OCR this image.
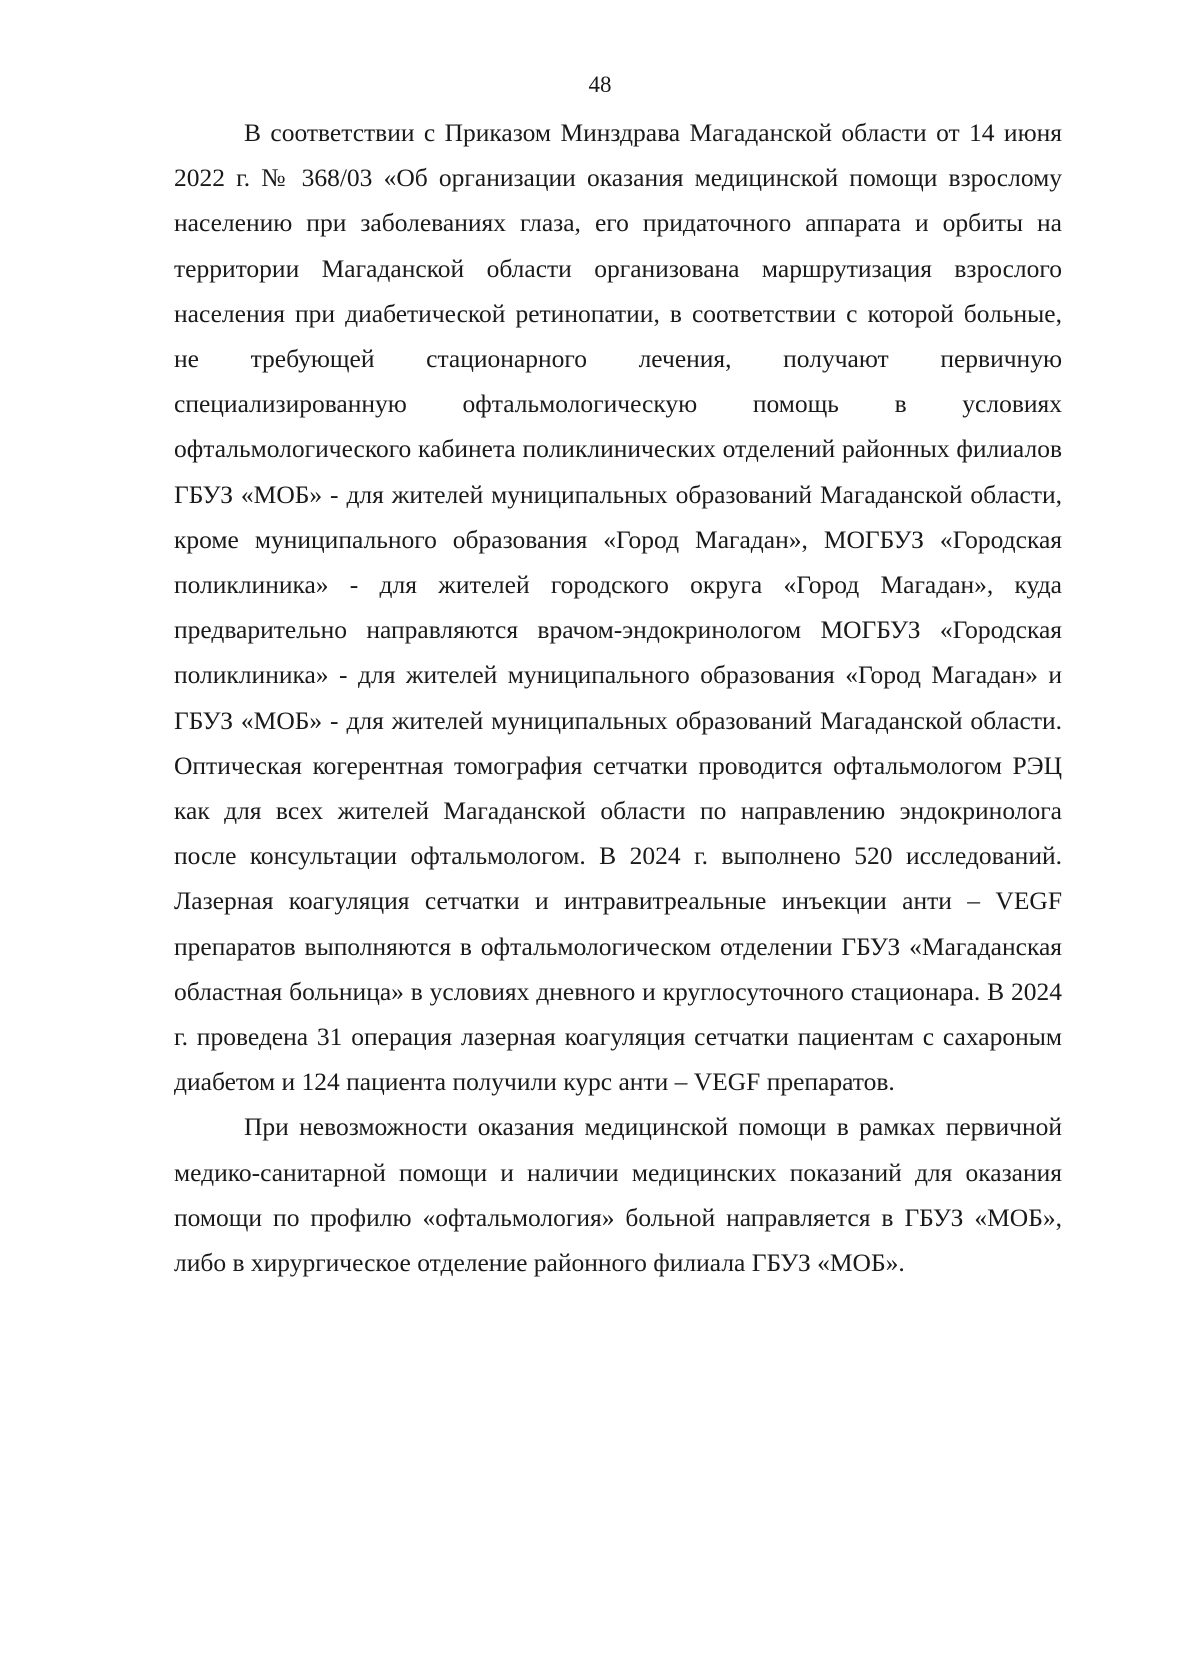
48

В соответствии с Приказом Минздрава Магаданской области от 14 июня 2022 г. № 368/03 «Об организации оказания медицинской помощи взрослому населению при заболеваниях глаза, его придаточного аппарата и орбиты на территории Магаданской области организована маршрутизация взрослого населения при диабетической ретинопатии, в соответствии с которой больные, не требующей стационарного лечения, получают первичную специализированную офтальмологическую помощь в условиях офтальмологического кабинета поликлинических отделений районных филиалов ГБУЗ «МОБ» - для жителей муниципальных образований Магаданской области, кроме муниципального образования «Город Магадан», МОГБУЗ «Городская поликлиника» - для жителей городского округа «Город Магадан», куда предварительно направляются врачом-эндокринологом МОГБУЗ «Городская поликлиника» - для жителей муниципального образования «Город Магадан» и ГБУЗ «МОБ» - для жителей муниципальных образований Магаданской области. Оптическая когерентная томография сетчатки проводится офтальмологом РЭЦ как для всех жителей Магаданской области по направлению эндокринолога после консультации офтальмологом. В 2024 г. выполнено 520 исследований. Лазерная коагуляция сетчатки и интравитреальные инъекции анти – VEGF препаратов выполняются в офтальмологическом отделении ГБУЗ «Магаданская областная больница» в условиях дневного и круглосуточного стационара. В 2024 г. проведена 31 операция лазерная коагуляция сетчатки пациентам с сахароным диабетом и 124 пациента получили курс анти – VEGF препаратов.

При невозможности оказания медицинской помощи в рамках первичной медико-санитарной помощи и наличии медицинских показаний для оказания помощи по профилю «офтальмология» больной направляется в ГБУЗ «МОБ», либо в хирургическое отделение районного филиала ГБУЗ «МОБ».
